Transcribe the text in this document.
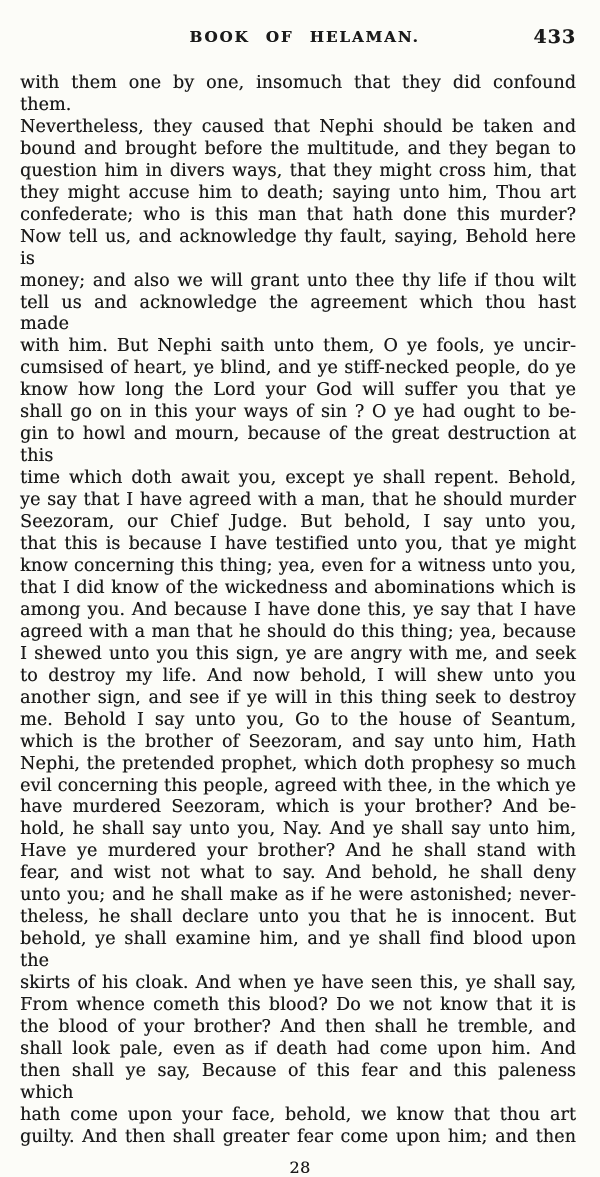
BOOK OF HELAMAN.	433
with them one by one, insomuch that they did confound them.
Nevertheless, they caused that Nephi should be taken and
bound and brought before the multitude, and they began to
question him in divers ways, that they might cross him, that
they might accuse him to death; saying unto him, Thou art
confederate; who is this man that hath done this murder?
Now tell us, and acknowledge thy fault, saying, Behold here is
money; and also we will grant unto thee thy life if thou wilt
tell us and acknowledge the agreement which thou hast made
with him. But Nephi saith unto them, O ye fools, ye uncir-
cumsised of heart, ye blind, and ye stiff-necked people, do ye
know how long the Lord your God will suffer you that ye
shall go on in this your ways of sin ? O ye had ought to be-
gin to howl and mourn, because of the great destruction at this
time which doth await you, except ye shall repent. Behold,
ye say that I have agreed with a man, that he should murder
Seezoram, our Chief Judge. But behold, I say unto you,
that this is because I have testified unto you, that ye might
know concerning this thing; yea, even for a witness unto you,
that I did know of the wickedness and abominations which is
among you. And because I have done this, ye say that I have
agreed with a man that he should do this thing; yea, because
I shewed unto you this sign, ye are angry with me, and seek
to destroy my life. And now behold, I will shew unto you
another sign, and see if ye will in this thing seek to destroy
me. Behold I say unto you, Go to the house of Seantum,
which is the brother of Seezoram, and say unto him, Hath
Nephi, the pretended prophet, which doth prophesy so much
evil concerning this people, agreed with thee, in the which ye
have murdered Seezoram, which is your brother? And be-
hold, he shall say unto you, Nay. And ye shall say unto him,
Have ye murdered your brother? And he shall stand with
fear, and wist not what to say. And behold, he shall deny
unto you; and he shall make as if he were astonished; never-
theless, he shall declare unto you that he is innocent. But
behold, ye shall examine him, and ye shall find blood upon the
skirts of his cloak. And when ye have seen this, ye shall say,
From whence cometh this blood? Do we not know that it is
the blood of your brother? And then shall he tremble, and
shall look pale, even as if death had come upon him. And
then shall ye say, Because of this fear and this paleness which
hath come upon your face, behold, we know that thou art
guilty. And then shall greater fear come upon him; and then
28
